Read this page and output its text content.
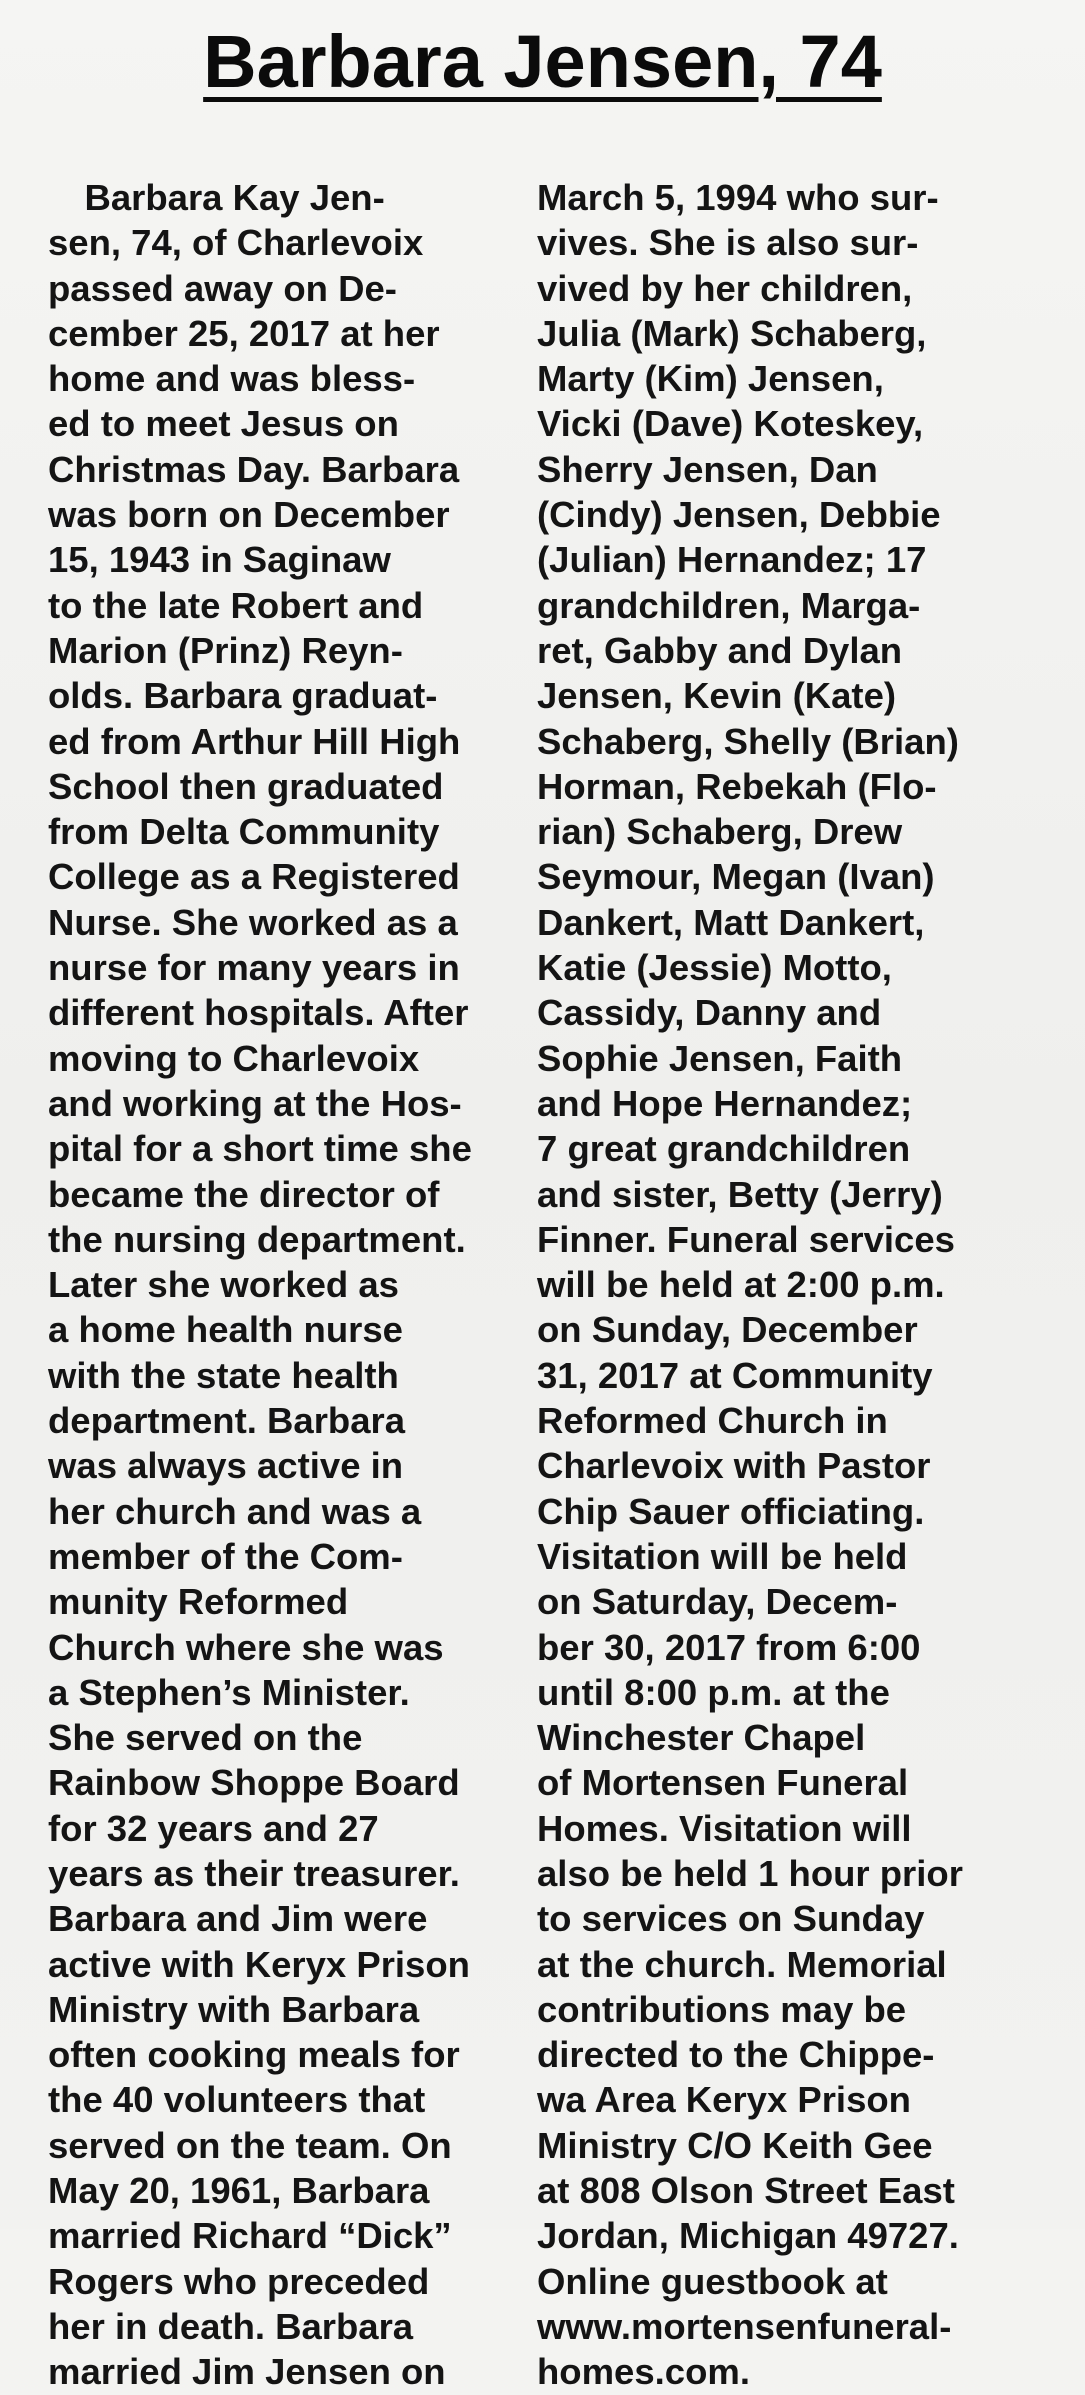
Barbara Jensen, 74
 Barbara Kay Jen-
sen, 74, of Charlevoix
passed away on De-
cember 25, 2017 at her
home and was bless-
ed to meet Jesus on
Christmas Day. Barbara
was born on December
15, 1943 in Saginaw
to the late Robert and
Marion (Prinz) Reyn-
olds. Barbara graduat-
ed from Arthur Hill High
School then graduated
from Delta Community
College as a Registered
Nurse. She worked as a
nurse for many years in
different hospitals. After
moving to Charlevoix
and working at the Hos-
pital for a short time she
became the director of
the nursing department.
Later she worked as
a home health nurse
with the state health
department. Barbara
was always active in
her church and was a
member of the Com-
munity Reformed
Church where she was
a Stephen’s Minister.
She served on the
Rainbow Shoppe Board
for 32 years and 27
years as their treasurer.
Barbara and Jim were
active with Keryx Prison
Ministry with Barbara
often cooking meals for
the 40 volunteers that
served on the team. On
May 20, 1961, Barbara
married Richard “Dick”
Rogers who preceded
her in death. Barbara
married Jim Jensen on
March 5, 1994 who sur-
vives. She is also sur-
vived by her children,
Julia (Mark) Schaberg,
Marty (Kim) Jensen,
Vicki (Dave) Koteskey,
Sherry Jensen, Dan
(Cindy) Jensen, Debbie
(Julian) Hernandez; 17
grandchildren, Marga-
ret, Gabby and Dylan
Jensen, Kevin (Kate)
Schaberg, Shelly (Brian)
Horman, Rebekah (Flo-
rian) Schaberg, Drew
Seymour, Megan (Ivan)
Dankert, Matt Dankert,
Katie (Jessie) Motto,
Cassidy, Danny and
Sophie Jensen, Faith
and Hope Hernandez;
7 great grandchildren
and sister, Betty (Jerry)
Finner. Funeral services
will be held at 2:00 p.m.
on Sunday, December
31, 2017 at Community
Reformed Church in
Charlevoix with Pastor
Chip Sauer officiating.
Visitation will be held
on Saturday, Decem-
ber 30, 2017 from 6:00
until 8:00 p.m. at the
Winchester Chapel
of Mortensen Funeral
Homes. Visitation will
also be held 1 hour prior
to services on Sunday
at the church. Memorial
contributions may be
directed to the Chippe-
wa Area Keryx Prison
Ministry C/O Keith Gee
at 808 Olson Street East
Jordan, Michigan 49727.
Online guestbook at
www.mortensenfuneral-
homes.com.
